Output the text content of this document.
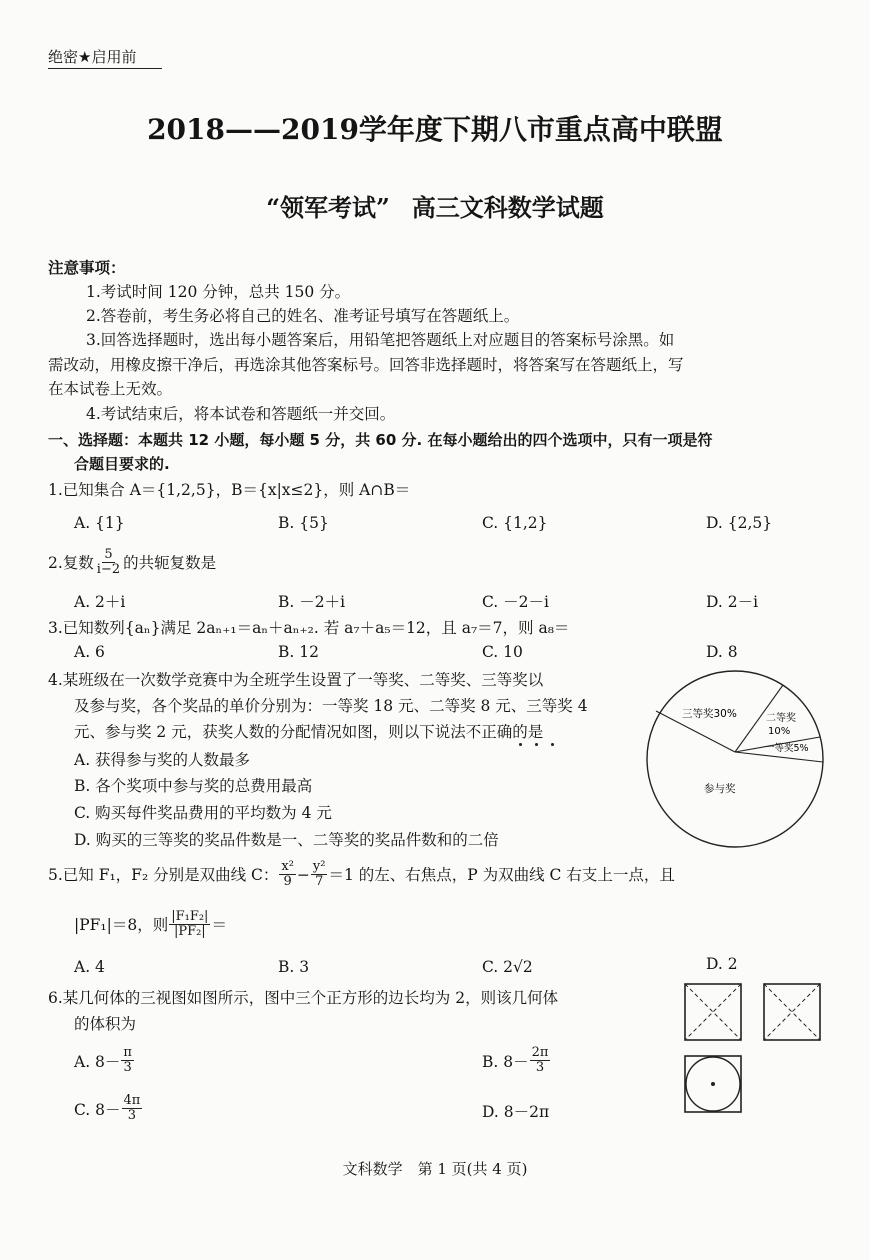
绝密★启用前
2018——2019学年度下期八市重点高中联盟
“领军考试” 高三文科数学试题
注意事项：
1.考试时间 120 分钟，总共 150 分。
2.答卷前，考生务必将自己的姓名、准考证号填写在答题纸上。
3.回答选择题时，选出每小题答案后，用铅笔把答题纸上对应题目的答案标号涂黑。如
需改动，用橡皮擦干净后，再选涂其他答案标号。回答非选择题时，将答案写在答题纸上，写
在本试卷上无效。
4.考试结束后，将本试卷和答题纸一并交回。
一、选择题：本题共 12 小题，每小题 5 分，共 60 分. 在每小题给出的四个选项中，只有一项是符
合题目要求的.
1.已知集合 A＝{1,2,5}，B＝{x|x≤2}，则 A∩B＝
A. {1}	B. {5}	C. {1,2}	D. {2,5}
2.复数 $\frac{5}{i-2}$ 的共轭复数是
A. 2＋i	B. －2＋i	C. －2－i	D. 2－i
3.已知数列{aₙ}满足 2aₙ₊₁＝aₙ＋aₙ₊₂. 若 a₇＋a₅＝12，且 a₇＝7，则 a₈＝
A. 6	B. 12	C. 10	D. 8
4.某班级在一次数学竞赛中为全班学生设置了一等奖、二等奖、三等奖以
及参与奖，各个奖品的单价分别为：一等奖 18 元、二等奖 8 元、三等奖 4
元、参与奖 2 元，获奖人数的分配情况如图，则以下说法不正确的是
A. 获得参与奖的人数最多
B. 各个奖项中参与奖的总费用最高
C. 购买每件奖品费用的平均数为 4 元
D. 购买的三等奖的奖品件数是一、二等奖的奖品件数和的二倍
三等奖30%	二等奖
10%
一等奖5%
参与奖
5.已知 F₁，F₂ 分别是双曲线 C： $\frac{\text{x²}}{9} - \frac{\text{y²}}{7} =1$ 的左、右焦点，P 为双曲线 C 右支上一点，且
|PF₁|＝8，则 $\frac{\text{|F₁F₂|}}{\text{|PF₂|}}$ ＝
A. 4	B. 3	C. 2√2	D. 2
6.某几何体的三视图如图所示，图中三个正方形的边长均为 2，则该几何体
的体积为
A. $8- \frac{\pi}{3}$	B. $8- \frac{2\pi}{3}$
C. $8- \frac{4\pi}{3}$	D. 8－2π
文科数学　第 1 页(共 4 页)
